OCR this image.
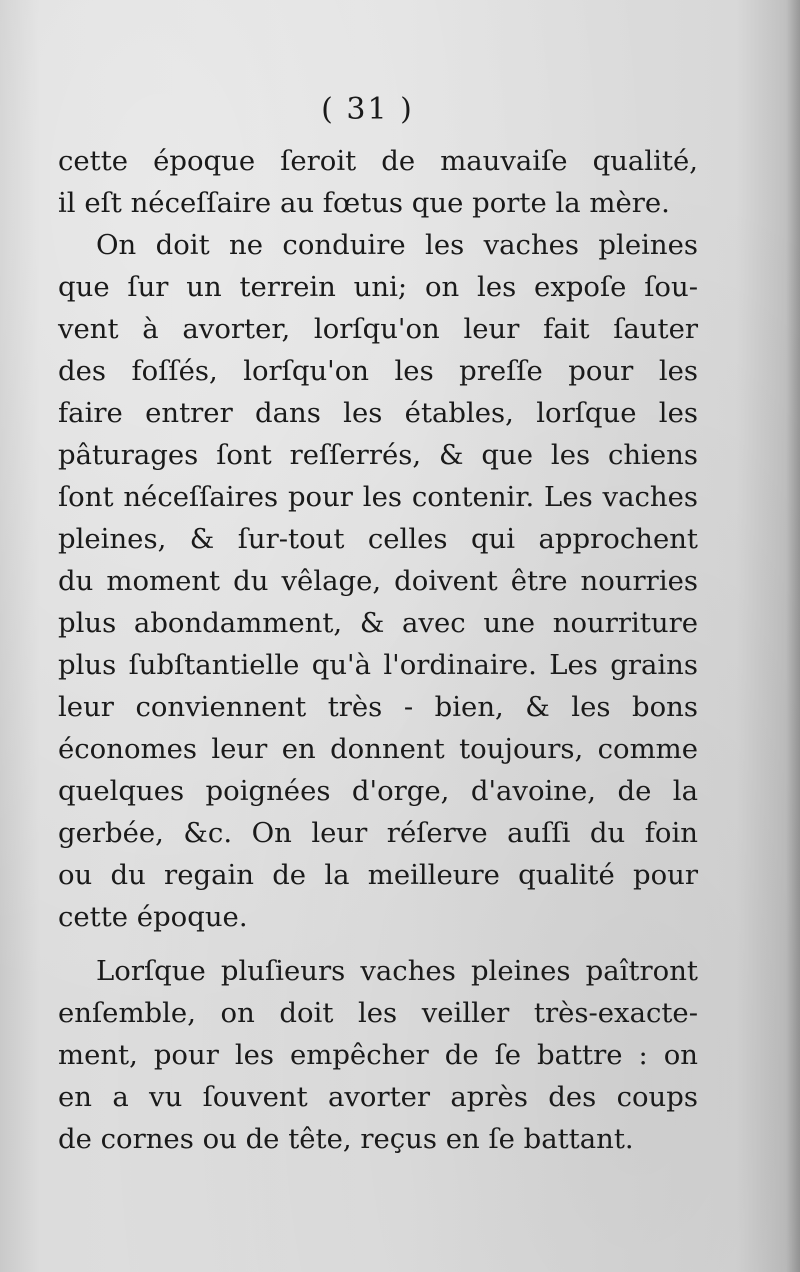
( 31 )
cette époque ſeroit de mauvaiſe qualité,
il eſt néceſſaire au fœtus que porte la mère.
On doit ne conduire les vaches pleines
que ſur un terrein uni; on les expoſe ſou-
vent à avorter, lorſqu'on leur fait ſauter
des foſſés, lorſqu'on les preſſe pour les
faire entrer dans les étables, lorſque les
pâturages ſont reſſerrés, & que les chiens
ſont néceſſaires pour les contenir. Les vaches
pleines, & ſur-tout celles qui approchent
du moment du vêlage, doivent être nourries
plus abondamment, & avec une nourriture
plus ſubſtantielle qu'à l'ordinaire. Les grains
leur conviennent très - bien, & les bons
économes leur en donnent toujours, comme
quelques poignées d'orge, d'avoine, de la
gerbée, &c. On leur réſerve auſſi du foin
ou du regain de la meilleure qualité pour
cette époque.
Lorſque pluſieurs vaches pleines paîtront
enſemble, on doit les veiller très-exacte-
ment, pour les empêcher de ſe battre : on
en a vu ſouvent avorter après des coups
de cornes ou de tête, reçus en ſe battant.
